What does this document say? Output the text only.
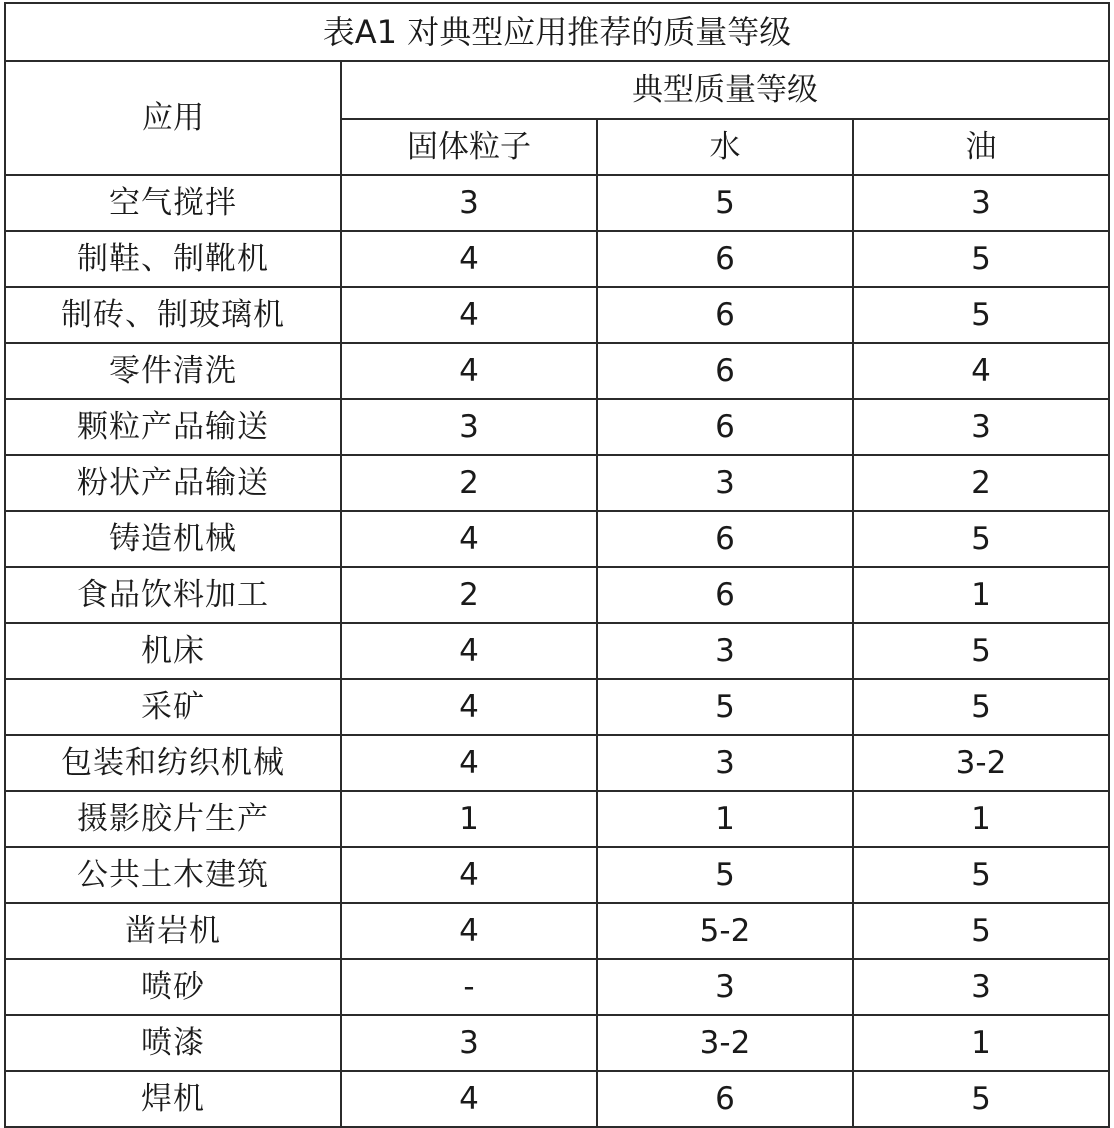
表A1 对典型应用推荐的质量等级			
应用	典型质量等级		
	固体粒子	水	油
空气搅拌	3	5	3
制鞋、制靴机	4	6	5
制砖、制玻璃机	4	6	5
零件清洗	4	6	4
颗粒产品输送	3	6	3
粉状产品输送	2	3	2
铸造机械	4	6	5
食品饮料加工	2	6	1
机床	4	3	5
采矿	4	5	5
包装和纺织机械	4	3	3-2
摄影胶片生产	1	1	1
公共土木建筑	4	5	5
凿岩机	4	5-2	5
喷砂	-	3	3
喷漆	3	3-2	1
焊机	4	6	5
